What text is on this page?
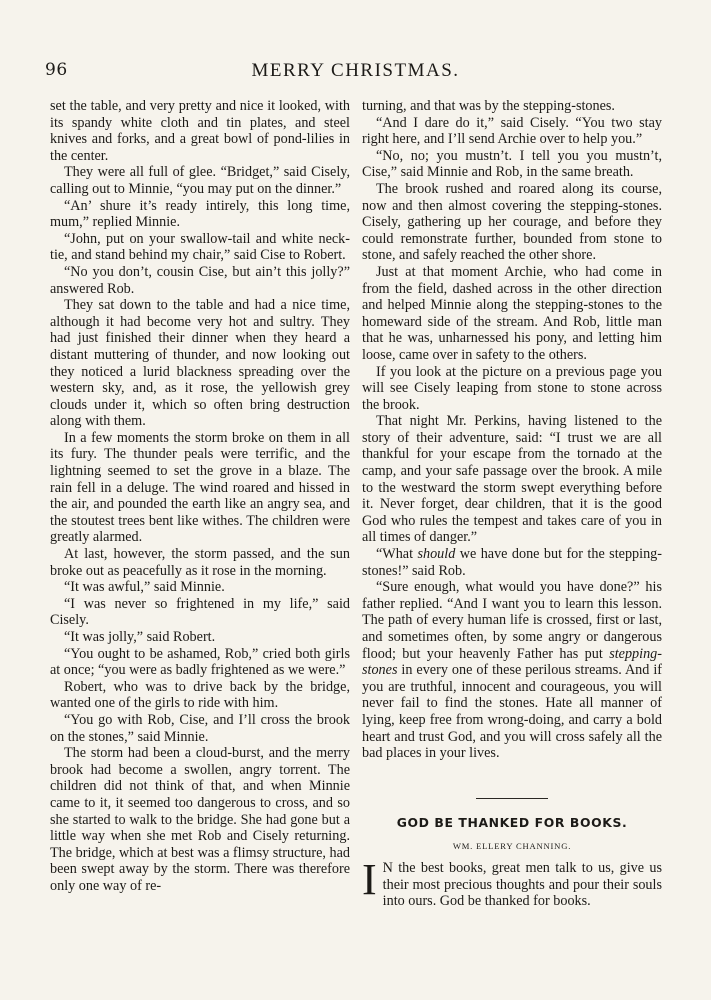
96	MERRY CHRISTMAS.

set the table, and very pretty and nice it looked, with its spandy white cloth and tin plates, and steel knives and forks, and a great bowl of pond-lilies in the center.

They were all full of glee. “Bridget,” said Cisely, calling out to Minnie, “you may put on the dinner.”

“An’ shure it’s ready intirely, this long time, mum,” replied Minnie.

“John, put on your swallow-tail and white neck-tie, and stand behind my chair,” said Cise to Robert.

“No you don’t, cousin Cise, but ain’t this jolly?” answered Rob.

They sat down to the table and had a nice time, although it had become very hot and sultry. They had just finished their dinner when they heard a distant muttering of thunder, and now looking out they noticed a lurid blackness spreading over the western sky, and, as it rose, the yellowish grey clouds under it, which so often bring destruction along with them.

In a few moments the storm broke on them in all its fury. The thunder peals were terrific, and the lightning seemed to set the grove in a blaze. The rain fell in a deluge. The wind roared and hissed in the air, and pounded the earth like an angry sea, and the stoutest trees bent like withes. The children were greatly alarmed.

At last, however, the storm passed, and the sun broke out as peacefully as it rose in the morning.

“It was awful,” said Minnie.

“I was never so frightened in my life,” said Cisely.

“It was jolly,” said Robert.

“You ought to be ashamed, Rob,” cried both girls at once; “you were as badly frightened as we were.”

Robert, who was to drive back by the bridge, wanted one of the girls to ride with him.

“You go with Rob, Cise, and I’ll cross the brook on the stones,” said Minnie.

The storm had been a cloud-burst, and the merry brook had become a swollen, angry torrent. The children did not think of that, and when Minnie came to it, it seemed too dangerous to cross, and so she started to walk to the bridge. She had gone but a little way when she met Rob and Cisely returning. The bridge, which at best was a flimsy structure, had been swept away by the storm. There was therefore only one way of re-

turning, and that was by the stepping-stones.

“And I dare do it,” said Cisely. “You two stay right here, and I’ll send Archie over to help you.”

“No, no; you mustn’t. I tell you you mustn’t, Cise,” said Minnie and Rob, in the same breath.

The brook rushed and roared along its course, now and then almost covering the stepping-stones. Cisely, gathering up her courage, and before they could remonstrate further, bounded from stone to stone, and safely reached the other shore.

Just at that moment Archie, who had come in from the field, dashed across in the other direction and helped Minnie along the stepping-stones to the homeward side of the stream. And Rob, little man that he was, unharnessed his pony, and letting him loose, came over in safety to the others.

If you look at the picture on a previous page you will see Cisely leaping from stone to stone across the brook.

That night Mr. Perkins, having listened to the story of their adventure, said: “I trust we are all thankful for your escape from the tornado at the camp, and your safe passage over the brook. A mile to the westward the storm swept everything before it. Never forget, dear children, that it is the good God who rules the tempest and takes care of you in all times of danger.”

“What should we have done but for the stepping-stones!” said Rob.

“Sure enough, what would you have done?” his father replied. “And I want you to learn this lesson. The path of every human life is crossed, first or last, and sometimes often, by some angry or dangerous flood; but your heavenly Father has put stepping-stones in every one of these perilous streams. And if you are truthful, innocent and courageous, you will never fail to find the stones. Hate all manner of lying, keep free from wrong-doing, and carry a bold heart and trust God, and you will cross safely all the bad places in your lives.

GOD BE THANKED FOR BOOKS.
WM. ELLERY CHANNING.

I N the best books, great men talk to us, give us their most precious thoughts and pour their souls into ours. God be thanked for books.
